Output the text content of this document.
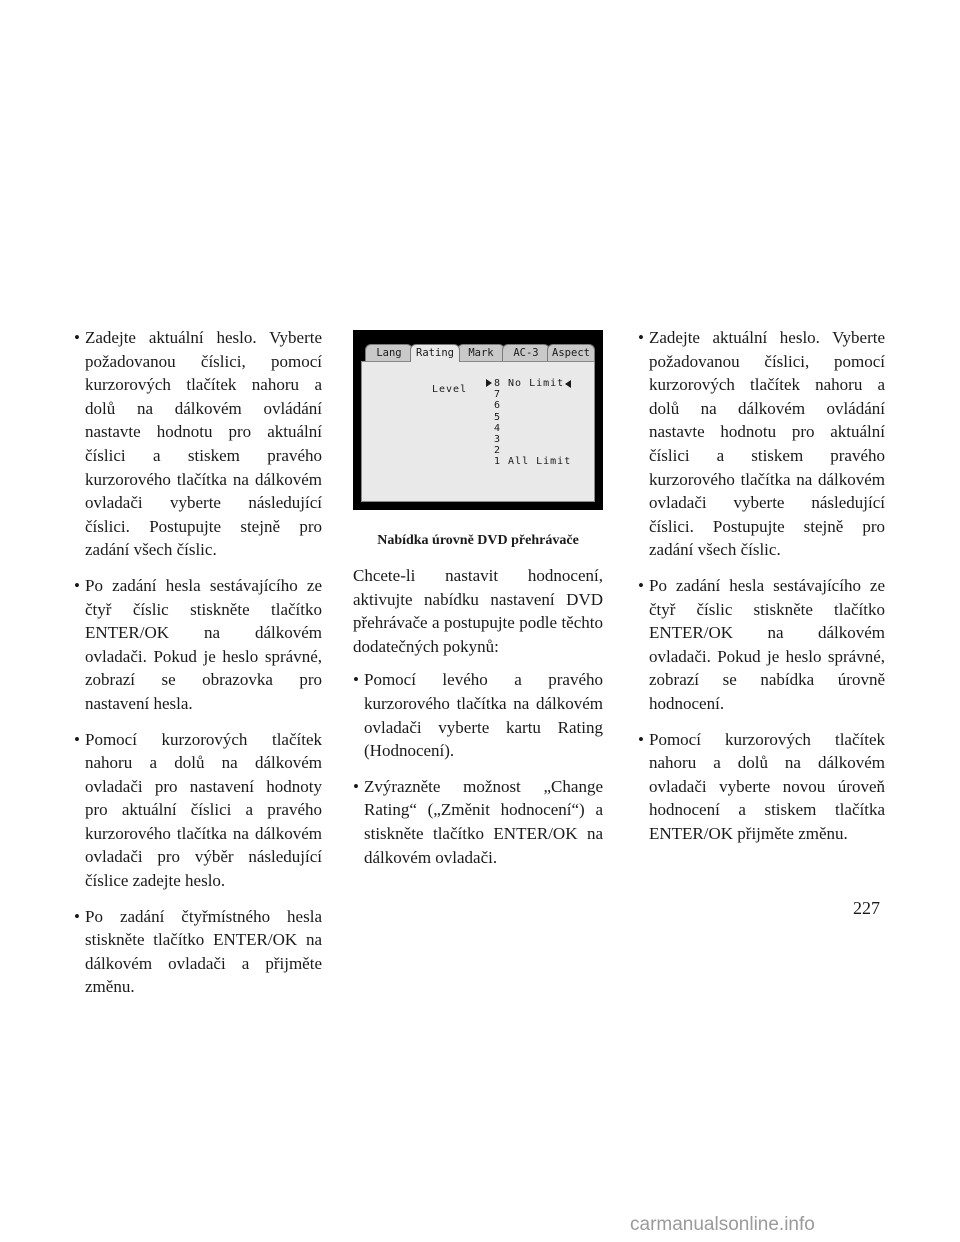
• Zadejte aktuální heslo. Vyberte požadovanou číslici, pomocí kurzorových tlačítek nahoru a dolů na dálkovém ovládání nastavte hodnotu pro aktuální číslici a stiskem pravého kurzorového tlačítka na dálkovém ovladači vyberte následující číslici. Postupujte stejně pro zadání všech číslic.
• Po zadání hesla sestávajícího ze čtyř číslic stiskněte tlačítko ENTER/OK na dálkovém ovladači. Pokud je heslo správné, zobrazí se obrazovka pro nastavení hesla.
• Pomocí kurzorových tlačítek nahoru a dolů na dálkovém ovladači pro nastavení hodnoty pro aktuální číslici a pravého kurzorového tlačítka na dálkovém ovladači pro výběr následující číslice zadejte heslo.
• Po zadání čtyřmístného hesla stiskněte tlačítko ENTER/OK na dálkovém ovladači a přijměte změnu.
Lang	Rating	Mark	AC-3	Aspect
Level
8 No Limit
7
6
5
4
3
2
1 All Limit
Nabídka úrovně DVD přehrávače

Chcete-li nastavit hodnocení, aktivujte nabídku nastavení DVD přehrávače a postupujte podle těchto dodatečných pokynů:

• Pomocí levého a pravého kurzorového tlačítka na dálkovém ovladači vyberte kartu Rating (Hodnocení).
• Zvýrazněte možnost „Change Rating“ („Změnit hodnocení“) a stiskněte tlačítko ENTER/OK na dálkovém ovladači.
• Zadejte aktuální heslo. Vyberte požadovanou číslici, pomocí kurzorových tlačítek nahoru a dolů na dálkovém ovládání nastavte hodnotu pro aktuální číslici a stiskem pravého kurzorového tlačítka na dálkovém ovladači vyberte následující číslici. Postupujte stejně pro zadání všech číslic.
• Po zadání hesla sestávajícího ze čtyř číslic stiskněte tlačítko ENTER/OK na dálkovém ovladači. Pokud je heslo správné, zobrazí se nabídka úrovně hodnocení.
• Pomocí kurzorových tlačítek nahoru a dolů na dálkovém ovladači vyberte novou úroveň hodnocení a stiskem tlačítka ENTER/OK přijměte změnu.
227
carmanualsonline.info
